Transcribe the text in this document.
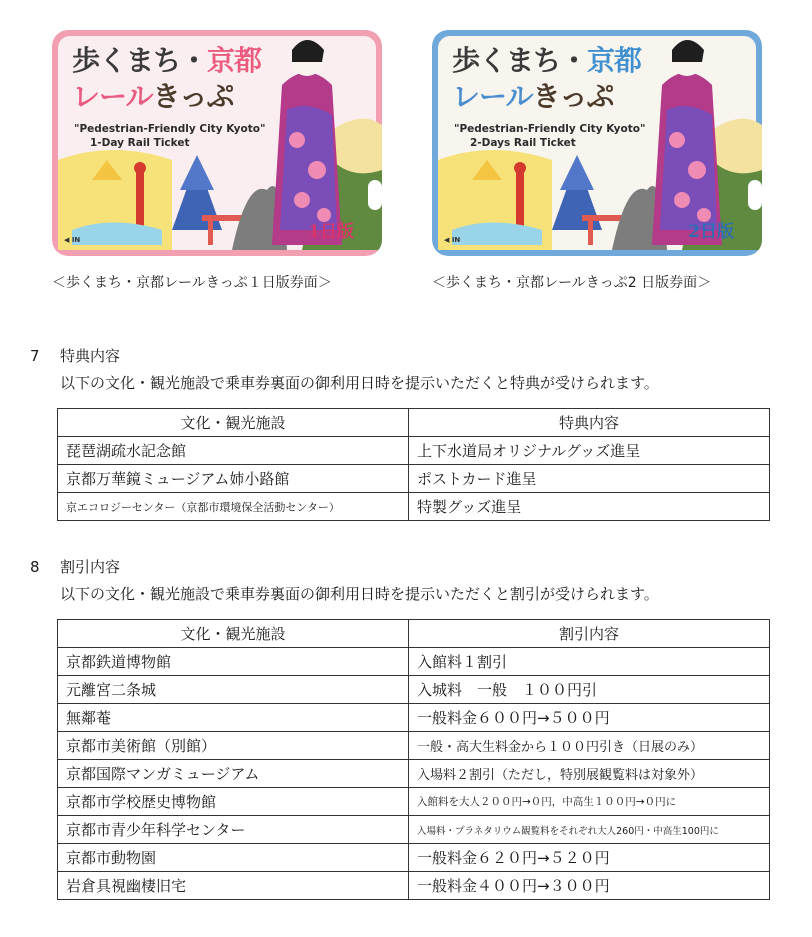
歩くまち・京都
レールきっぷ
"Pedestrian-Friendly City Kyoto"
1-Day Rail Ticket
◀ IN	1日版
歩くまち・京都
レールきっぷ
"Pedestrian-Friendly City Kyoto"
2-Days Rail Ticket
◀ IN	2日版
＜歩くまち・京都レールきっぷ１日版券面＞	＜歩くまち・京都レールきっぷ2 日版券面＞
7 特典内容
以下の文化・観光施設で乗車券裏面の御利用日時を提示いただくと特典が受けられます。
文化・観光施設	特典内容
琵琶湖疏水記念館	上下水道局オリジナルグッズ進呈
京都万華鏡ミュージアム姉小路館	ポストカード進呈
京エコロジーセンター（京都市環境保全活動センター）	特製グッズ進呈
8 割引内容
以下の文化・観光施設で乗車券裏面の御利用日時を提示いただくと割引が受けられます。
文化・観光施設	割引内容
京都鉄道博物館	入館料１割引
元離宮二条城	入城料　一般　１００円引
無鄰菴	一般料金６００円→５００円
京都市美術館（別館）	一般・高大生料金から１００円引き（日展のみ）
京都国際マンガミュージアム	入場料２割引（ただし，特別展観覧料は対象外）
京都市学校歴史博物館	入館料を大人２００円→０円，中高生１００円→０円に
京都市青少年科学センター	入場料・プラネタリウム観覧料をそれぞれ大人260円・中高生100円に
京都市動物園	一般料金６２０円→５２０円
岩倉具視幽棲旧宅	一般料金４００円→３００円
